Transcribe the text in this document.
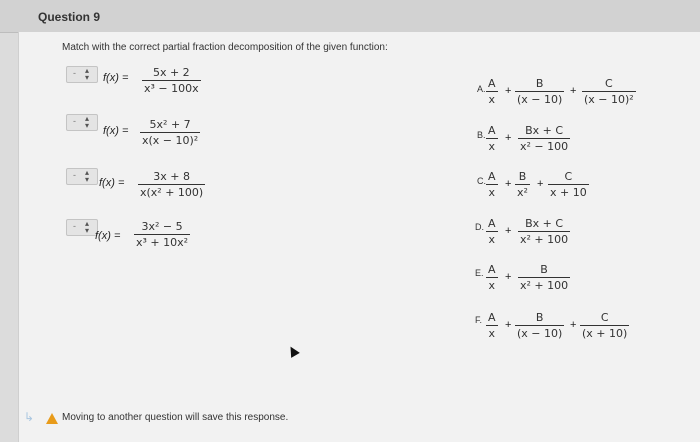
Question 9
Match with the correct partial fraction decomposition of the given function:
- ▴
▾ $f(x) = \frac{5x + 2}{\text{x³ − 100x}}$
- ▴
▾ $f(x) = \frac{\text{5x² + 7}}{\text{x(x − 10)²}}$
- ▴
▾ $f(x) = \frac{3x + 8}{\text{x(x² + 100)}}$
- ▴
▾ $f(x) = \frac{\text{3x² − 5}}{\text{x³ + 10x²}}$
A. $\frac{A}{x} + \frac{B}{(x - 10)} + \frac{C}{\text{(x − 10)²}}$
B. $\frac{A}{x} + \frac{Bx + C}{\text{x² − 100}}$
C. $\frac{A}{x} + \frac{B}{\text{x²}} + \frac{C}{x + 10}$
D. $\frac{A}{x} + \frac{Bx + C}{\text{x² + 100}}$
E. $\frac{A}{x} + \frac{B}{\text{x² + 100}}$
F. $\frac{A}{x} + \frac{B}{(x - 10)} + \frac{C}{(x + 10)}$
↳	Moving to another question will save this response.
